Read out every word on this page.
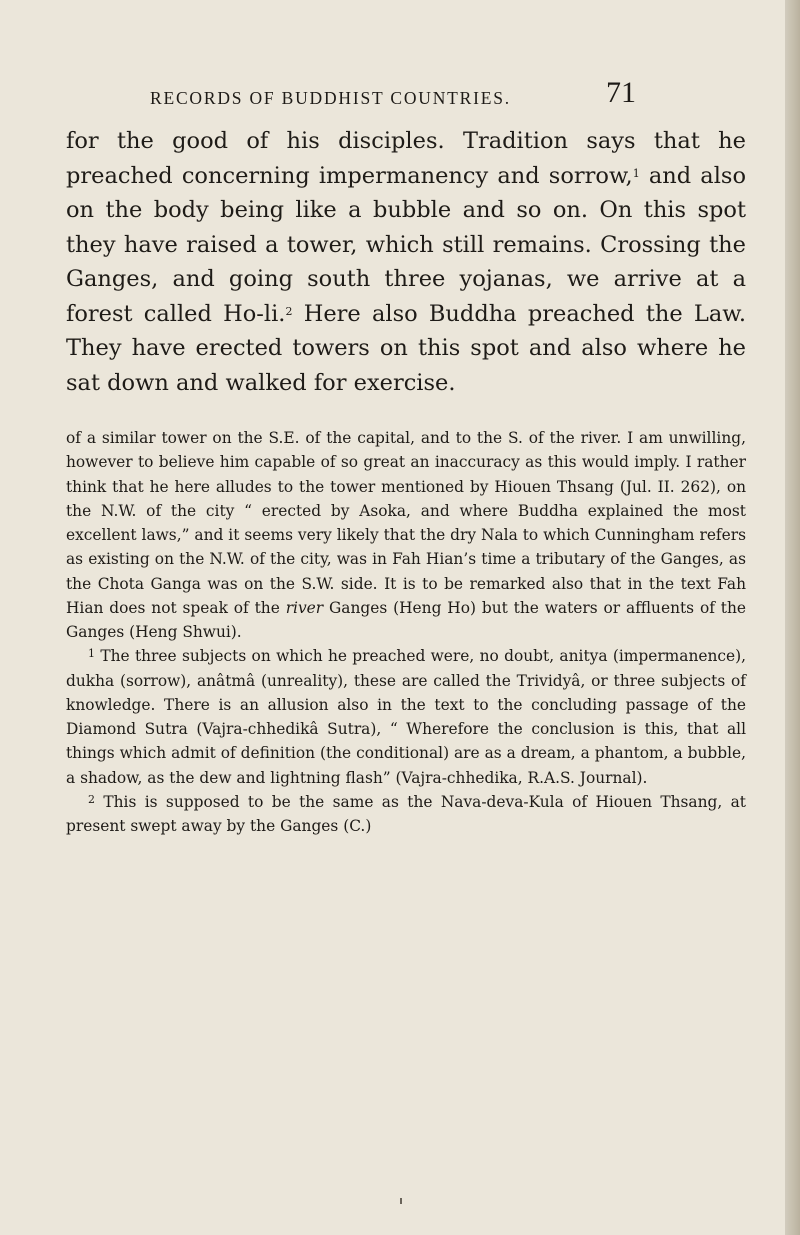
RECORDS OF BUDDHIST COUNTRIES.	71

for the good of his disciples. Tradition says that he preached concerning impermanency and sorrow,$^1$ and also on the body being like a bubble and so on. On this spot they have raised a tower, which still remains. Crossing the Ganges, and going south three yojanas, we arrive at a forest called Ho-li.$^2$ Here also Buddha preached the Law. They have erected towers on this spot and also where he sat down and walked for exercise.

of a similar tower on the S.E. of the capital, and to the S. of the river. I am unwilling, however to believe him capable of so great an inaccuracy as this would imply. I rather think that he here alludes to the tower mentioned by Hiouen Thsang (Jul. II. 262), on the N.W. of the city “ erected by Asoka, and where Buddha explained the most excellent laws,” and it seems very likely that the dry Nala to which Cunningham refers as existing on the N.W. of the city, was in Fah Hian’s time a tributary of the Ganges, as the Chota Ganga was on the S.W. side. It is to be remarked also that in the text Fah Hian does not speak of the river Ganges (Heng Ho) but the waters or affluents of the Ganges (Heng Shwui).

$^1$ The three subjects on which he preached were, no doubt, anitya (impermanence), dukha (sorrow), anâtmâ (unreality), these are called the Trividyâ, or three subjects of knowledge. There is an allusion also in the text to the concluding passage of the Diamond Sutra (Vajra-chhedikâ Sutra), “ Wherefore the conclusion is this, that all things which admit of definition (the conditional) are as a dream, a phantom, a bubble, a shadow, as the dew and lightning flash” (Vajra-chhedika, R.A.S. Journal).

$^2$ This is supposed to be the same as the Nava-deva-Kula of Hiouen Thsang, at present swept away by the Ganges (C.)
